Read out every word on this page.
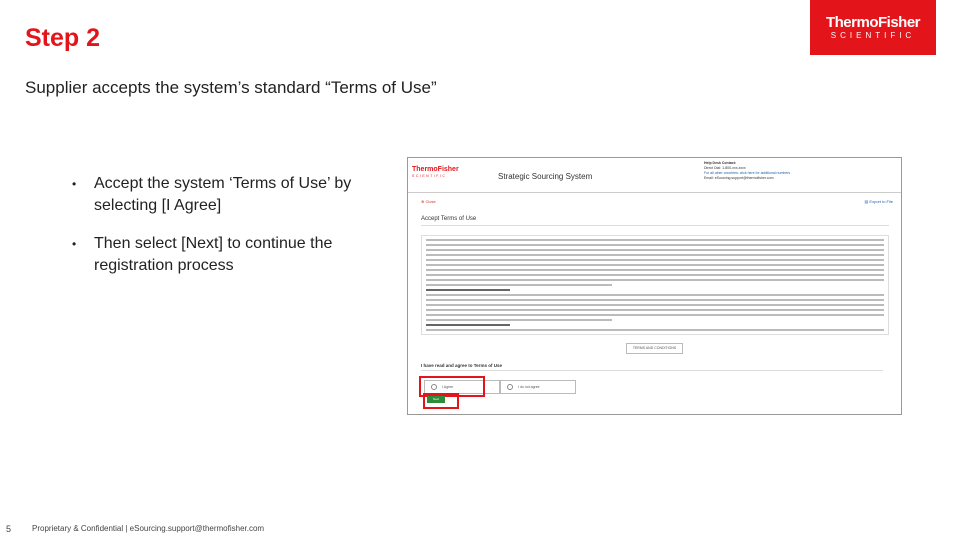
Step 2
Supplier accepts the system’s standard “Terms of Use”
ThermoFisher
SCIENTIFIC
•	Accept the system ‘Terms of Use’ by selecting [I Agree]
•	Then select [Next] to continue the registration process
ThermoFisher
SCIENTIFIC	Strategic Sourcing System
Help Desk Contact:
Direct Dial: 1-800-xxx-xxxx
For all other countries: click here for additional numbers
Email: eSourcing.support@thermofisher.com
⊗ Close	▤ Export to File
Accept Terms of Use
TERMS AND CONDITIONS
I have read and agree to Terms of Use
I Agree	I do not agree
Next
5	Proprietary & Confidential | eSourcing.support@thermofisher.com
